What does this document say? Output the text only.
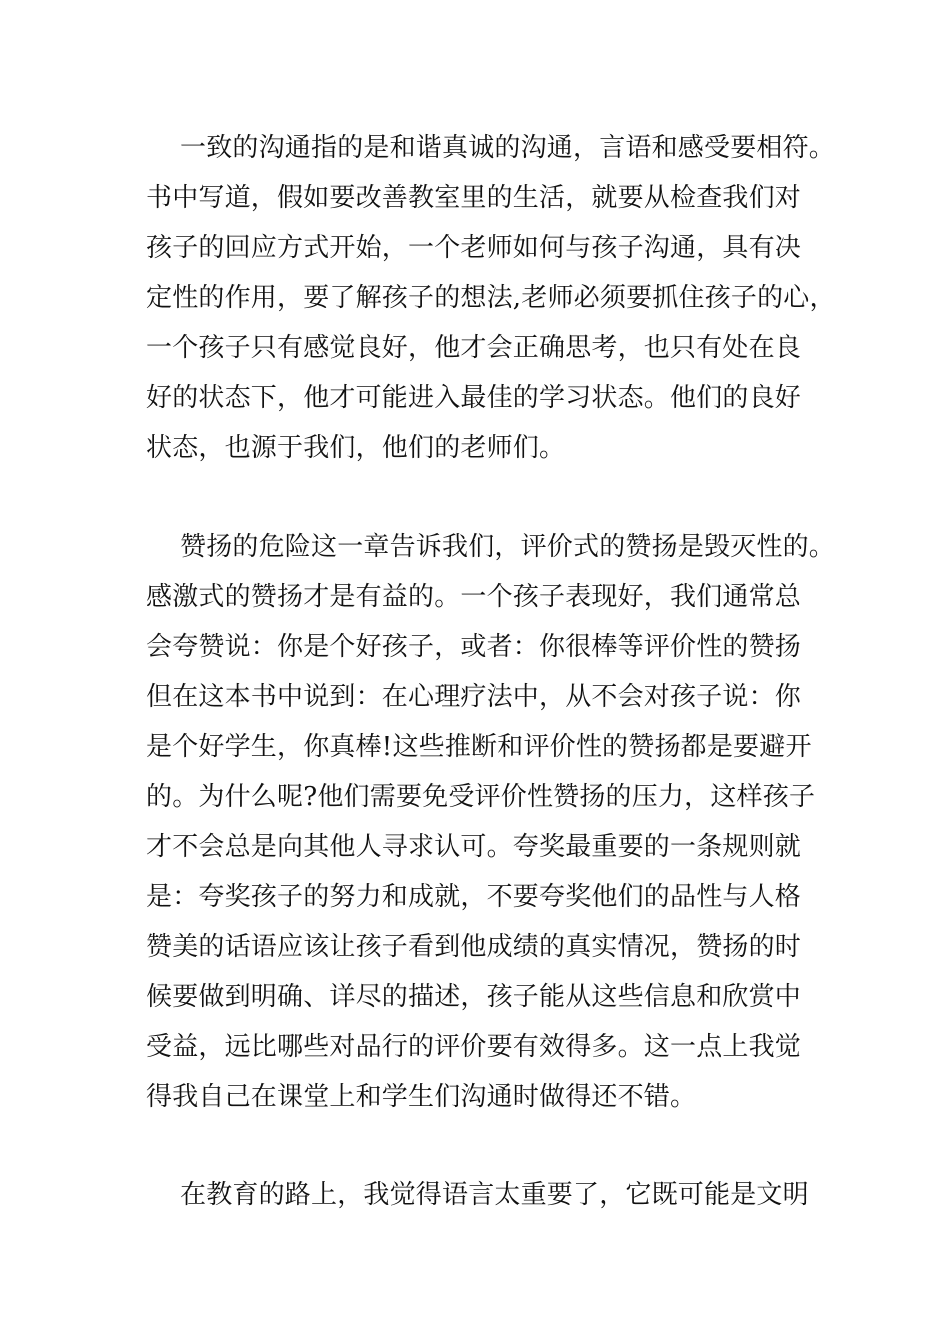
一致的沟通指的是和谐真诚的沟通，言语和感受要相符。
书中写道，假如要改善教室里的生活，就要从检查我们对
孩子的回应方式开始，一个老师如何与孩子沟通，具有决
定性的作用，要了解孩子的想法,老师必须要抓住孩子的心，
一个孩子只有感觉良好，他才会正确思考，也只有处在良
好的状态下，他才可能进入最佳的学习状态。他们的良好
状态，也源于我们，他们的老师们。
赞扬的危险这一章告诉我们，评价式的赞扬是毁灭性的。
感激式的赞扬才是有益的。一个孩子表现好，我们通常总
会夸赞说：你是个好孩子，或者：你很棒等评价性的赞扬
但在这本书中说到：在心理疗法中，从不会对孩子说：你
是个好学生，你真棒!这些推断和评价性的赞扬都是要避开
的。为什么呢?他们需要免受评价性赞扬的压力，这样孩子
才不会总是向其他人寻求认可。夸奖最重要的一条规则就
是：夸奖孩子的努力和成就，不要夸奖他们的品性与人格
赞美的话语应该让孩子看到他成绩的真实情况，赞扬的时
候要做到明确、详尽的描述，孩子能从这些信息和欣赏中
受益，远比哪些对品行的评价要有效得多。这一点上我觉
得我自己在课堂上和学生们沟通时做得还不错。
在教育的路上，我觉得语言太重要了，它既可能是文明
